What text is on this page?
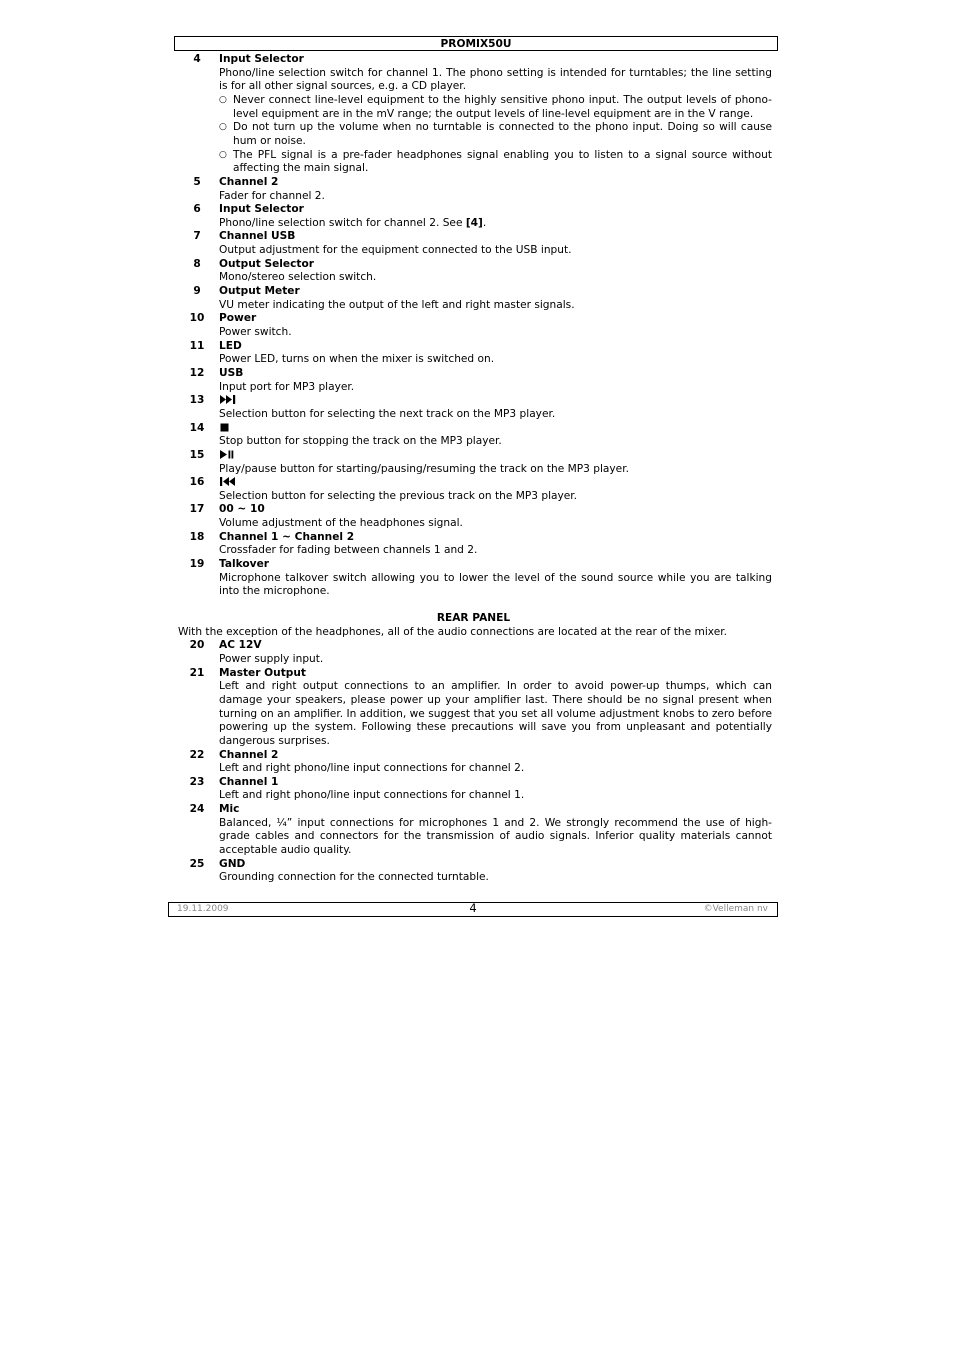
PROMIX50U
4	Input Selector
Phono/line selection switch for channel 1. The phono setting is intended for turntables; the line setting is for all other signal sources, e.g. a CD player.
○ Never connect line-level equipment to the highly sensitive phono input. The output levels of phono-level equipment are in the mV range; the output levels of line-level equipment are in the V range.
○ Do not turn up the volume when no turntable is connected to the phono input. Doing so will cause hum or noise.
○ The PFL signal is a pre-fader headphones signal enabling you to listen to a signal source without affecting the main signal.
5	Channel 2
Fader for channel 2.
6	Input Selector
Phono/line selection switch for channel 2. See [4].
7	Channel USB
Output adjustment for the equipment connected to the USB input.
8	Output Selector
Mono/stereo selection switch.
9	Output Meter
VU meter indicating the output of the left and right master signals.
10	Power
Power switch.
11	LED
Power LED, turns on when the mixer is switched on.
12	USB
Input port for MP3 player.
13
Selection button for selecting the next track on the MP3 player.
14
Stop button for stopping the track on the MP3 player.
15
Play/pause button for starting/pausing/resuming the track on the MP3 player.
16
Selection button for selecting the previous track on the MP3 player.
17	00 ~ 10
Volume adjustment of the headphones signal.
18	Channel 1 ~ Channel 2
Crossfader for fading between channels 1 and 2.
19	Talkover
Microphone talkover switch allowing you to lower the level of the sound source while you are talking into the microphone.
REAR PANEL
With the exception of the headphones, all of the audio connections are located at the rear of the mixer.
20	AC 12V
Power supply input.
21	Master Output
Left and right output connections to an amplifier. In order to avoid power-up thumps, which can damage your speakers, please power up your amplifier last. There should be no signal present when turning on an amplifier. In addition, we suggest that you set all volume adjustment knobs to zero before powering up the system. Following these precautions will save you from unpleasant and potentially dangerous surprises.
22	Channel 2
Left and right phono/line input connections for channel 2.
23	Channel 1
Left and right phono/line input connections for channel 1.
24	Mic
Balanced, ¼” input connections for microphones 1 and 2. We strongly recommend the use of high-grade cables and connectors for the transmission of audio signals. Inferior quality materials cannot acceptable audio quality.
25	GND
Grounding connection for the connected turntable.
19.11.2009	4	©Velleman nv
